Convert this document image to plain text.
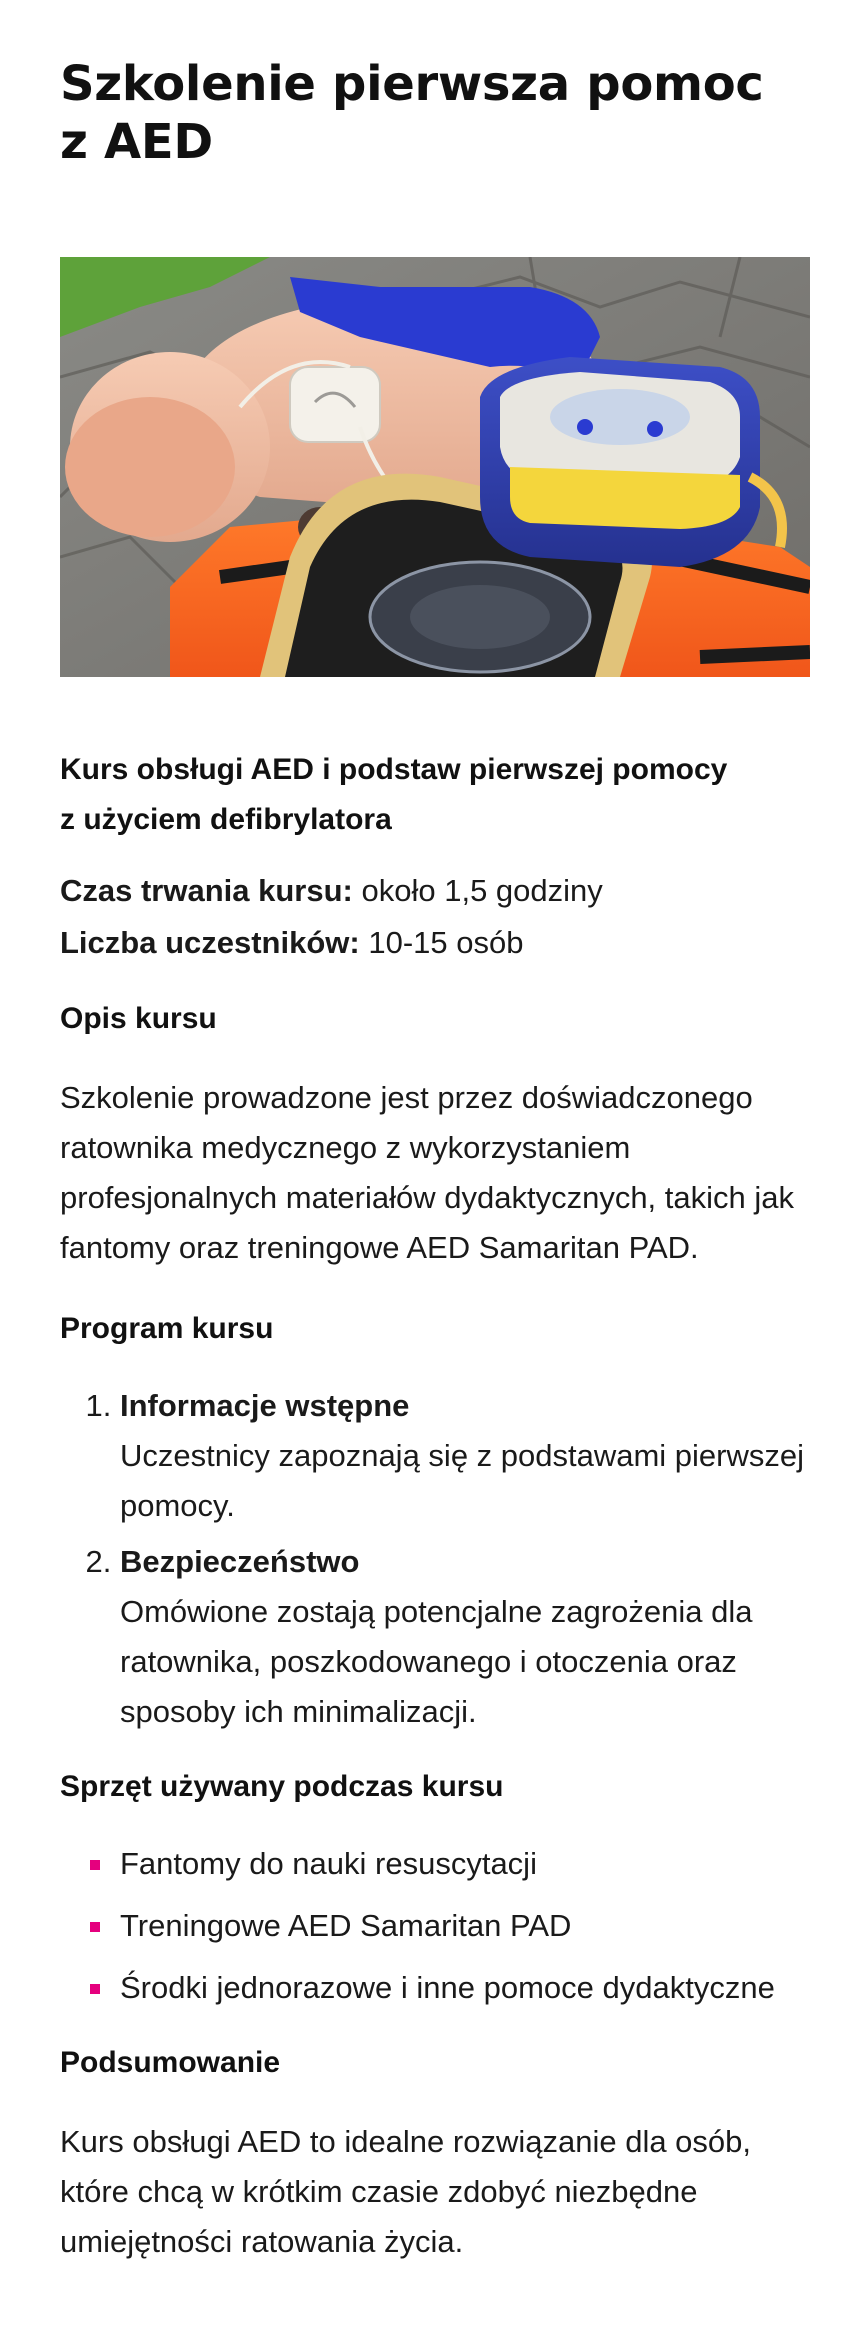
Szkolenie pierwsza pomoc
z AED
Kurs obsługi AED i podstaw pierwszej pomocy
z użyciem defibrylatora
Czas trwania kursu: około 1,5 godziny
Liczba uczestników: 10-15 osób
Opis kursu

Szkolenie prowadzone jest przez doświadczonego ratownika medycznego z wykorzystaniem profesjonalnych materiałów dydaktycznych, takich jak fantomy oraz treningowe AED Samaritan PAD.

Program kursu
1. Informacje wstępne
Uczestnicy zapoznają się z podstawami pierwszej pomocy.
2. Bezpieczeństwo
Omówione zostają potencjalne zagrożenia dla ratownika, poszkodowanego i otoczenia oraz sposoby ich minimalizacji.
Sprzęt używany podczas kursu
Fantomy do nauki resuscytacji
Treningowe AED Samaritan PAD
Środki jednorazowe i inne pomoce dydaktyczne
Podsumowanie

Kurs obsługi AED to idealne rozwiązanie dla osób, które chcą w krótkim czasie zdobyć niezbędne umiejętności ratowania życia.
